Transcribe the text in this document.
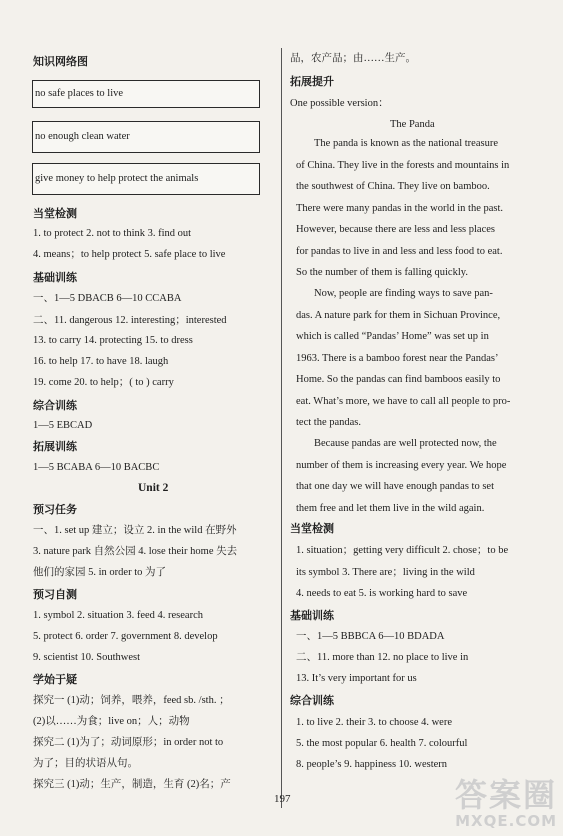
知识网络图
no safe places to live
no enough clean water
give money to help protect the animals
当堂检测
1. to protect 2. not to think 3. find out
4. means；to help protect 5. safe place to live
基础训练
一、1—5 DBACB 6—10 CCABA
二、11. dangerous 12. interesting；interested
13. to carry 14. protecting 15. to dress
16. to help 17. to have 18. laugh
19. come 20. to help；( to ) carry
综合训练
1—5 EBCAD
拓展训练
1—5 BCABA 6—10 BACBC
Unit 2
预习任务
一、1. set up 建立；设立 2. in the wild 在野外
3. nature park 自然公园 4. lose their home 失去
他们的家园 5. in order to 为了
预习自测
1. symbol 2. situation 3. feed 4. research
5. protect 6. order 7. government 8. develop
9. scientist 10. Southwest
学始于疑
探究一 (1)动；饲养，喂养，feed sb. /sth. ；
(2)以……为食；live on；人；动物
探究二 (1)为了；动词原形；in order not to
为了；目的状语从句。
探究三 (1)动；生产，制造，生育 (2)名；产
品，农产品；由……生产。
拓展提升
One possible version：
The Panda
The panda is known as the national treasure
of China. They live in the forests and mountains in
the southwest of China. They live on bamboo.
There were many pandas in the world in the past.
However, because there are less and less places
for pandas to live in and less and less food to eat.
So the number of them is falling quickly.
Now, people are finding ways to save pan-
das. A nature park for them in Sichuan Province,
which is called “Pandas’ Home” was set up in
1963. There is a bamboo forest near the Pandas’
Home. So the pandas can find bamboos easily to
eat. What’s more, we have to call all people to pro-
tect the pandas.
Because pandas are well protected now, the
number of them is increasing every year. We hope
that one day we will have enough pandas to set
them free and let them live in the wild again.
当堂检测
1. situation；getting very difficult 2. chose；to be
its symbol 3. There are；living in the wild
4. needs to eat 5. is working hard to save
基础训练
一、1—5 BBBCA 6—10 BDADA
二、11. more than 12. no place to live in
13. It’s very important for us
综合训练
1. to live 2. their 3. to choose 4. were
5. the most popular 6. health 7. colourful
8. people’s 9. happiness 10. western
197	答案圈
MXQE.COM
